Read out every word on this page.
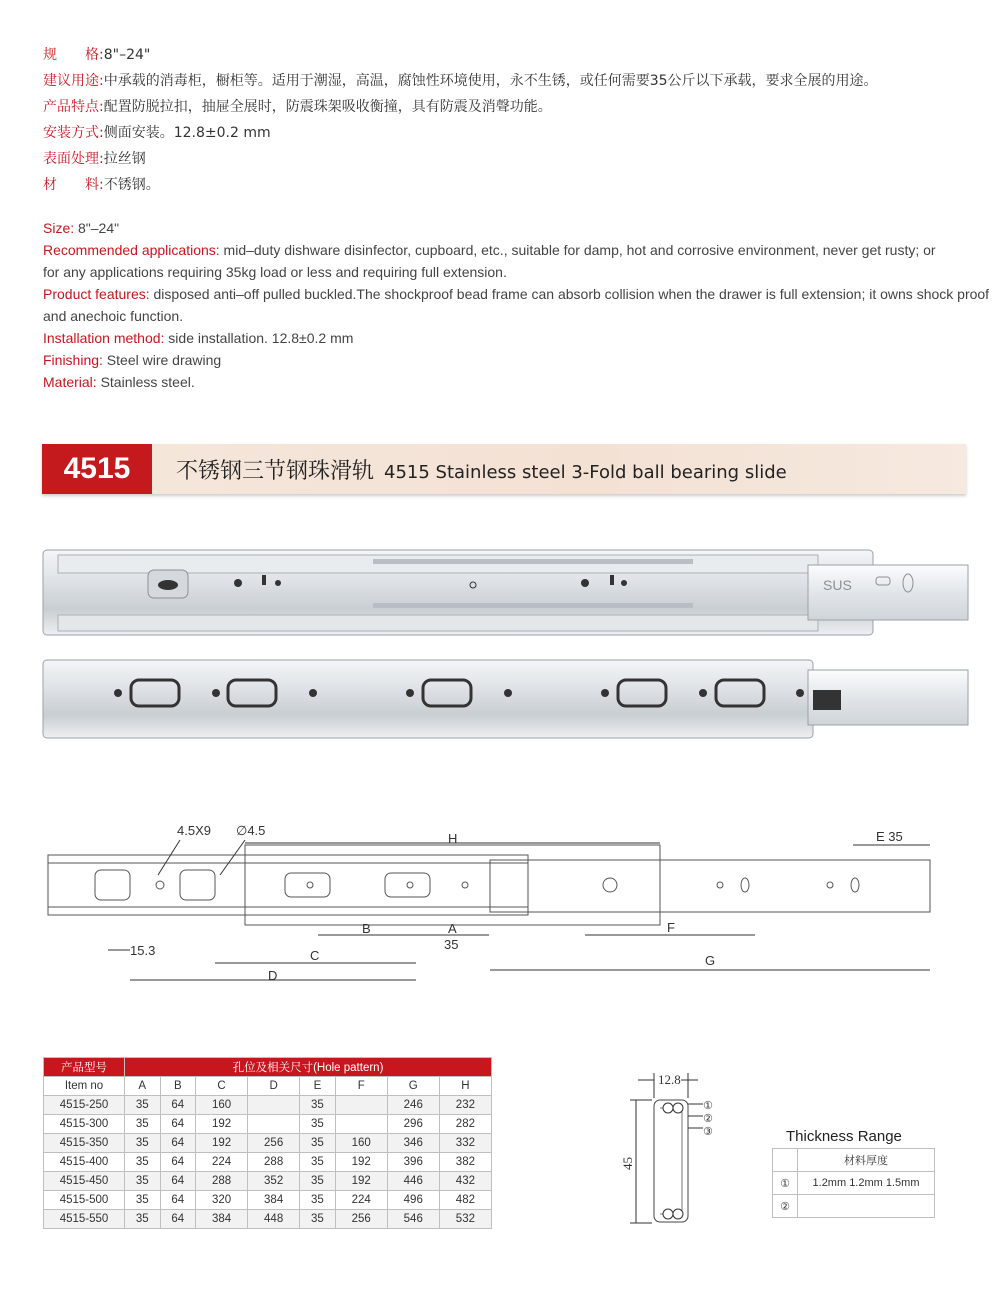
规　　格:8"–24"
建议用途:中承载的消毒柜，橱柜等。适用于潮湿，高温，腐蚀性环境使用，永不生锈，或任何需要35公斤以下承载，要求全展的用途。
产品特点:配置防脱拉扣，抽屉全展时，防震珠架吸收衡撞，具有防震及消聲功能。
安装方式:侧面安装。12.8±0.2 mm
表面处理:拉丝钢
材　　料:不锈钢。
Size: 8"–24"
Recommended applications: mid–duty dishware disinfector, cupboard, etc., suitable for damp, hot and corrosive environment, never get rusty; or for any applications requiring 35kg load or less and requiring full extension.
Product features: disposed anti–off pulled buckled.The shockproof bead frame can absorb collision when the drawer is full extension; it owns shock proof and anechoic function.
Installation method: side installation. 12.8±0.2 mm
Finishing: Steel wire drawing
Material: Stainless steel.
4515	不锈钢三节钢珠滑轨 4515 Stainless steel 3-Fold ball bearing slide
SUS
4.5X9 ∅4.5
H	E 35
B	A
35
C
D
F
G
15.3
产品型号	孔位及相关尺寸(Hole pattern)							
Item no	A	B	C	D	E	F	G	H
4515-250	35	64	160		35		246	232
4515-300	35	64	192		35		296	282
4515-350	35	64	192	256	35	160	346	332
4515-400	35	64	224	288	35	192	396	382
4515-450	35	64	288	352	35	192	446	432
4515-500	35	64	320	384	35	224	496	482
4515-550	35	64	384	448	35	256	546	532
12.8
45
①
②
③	Thickness Range
	材料厚度
①	1.2mm 1.2mm 1.5mm
②	
